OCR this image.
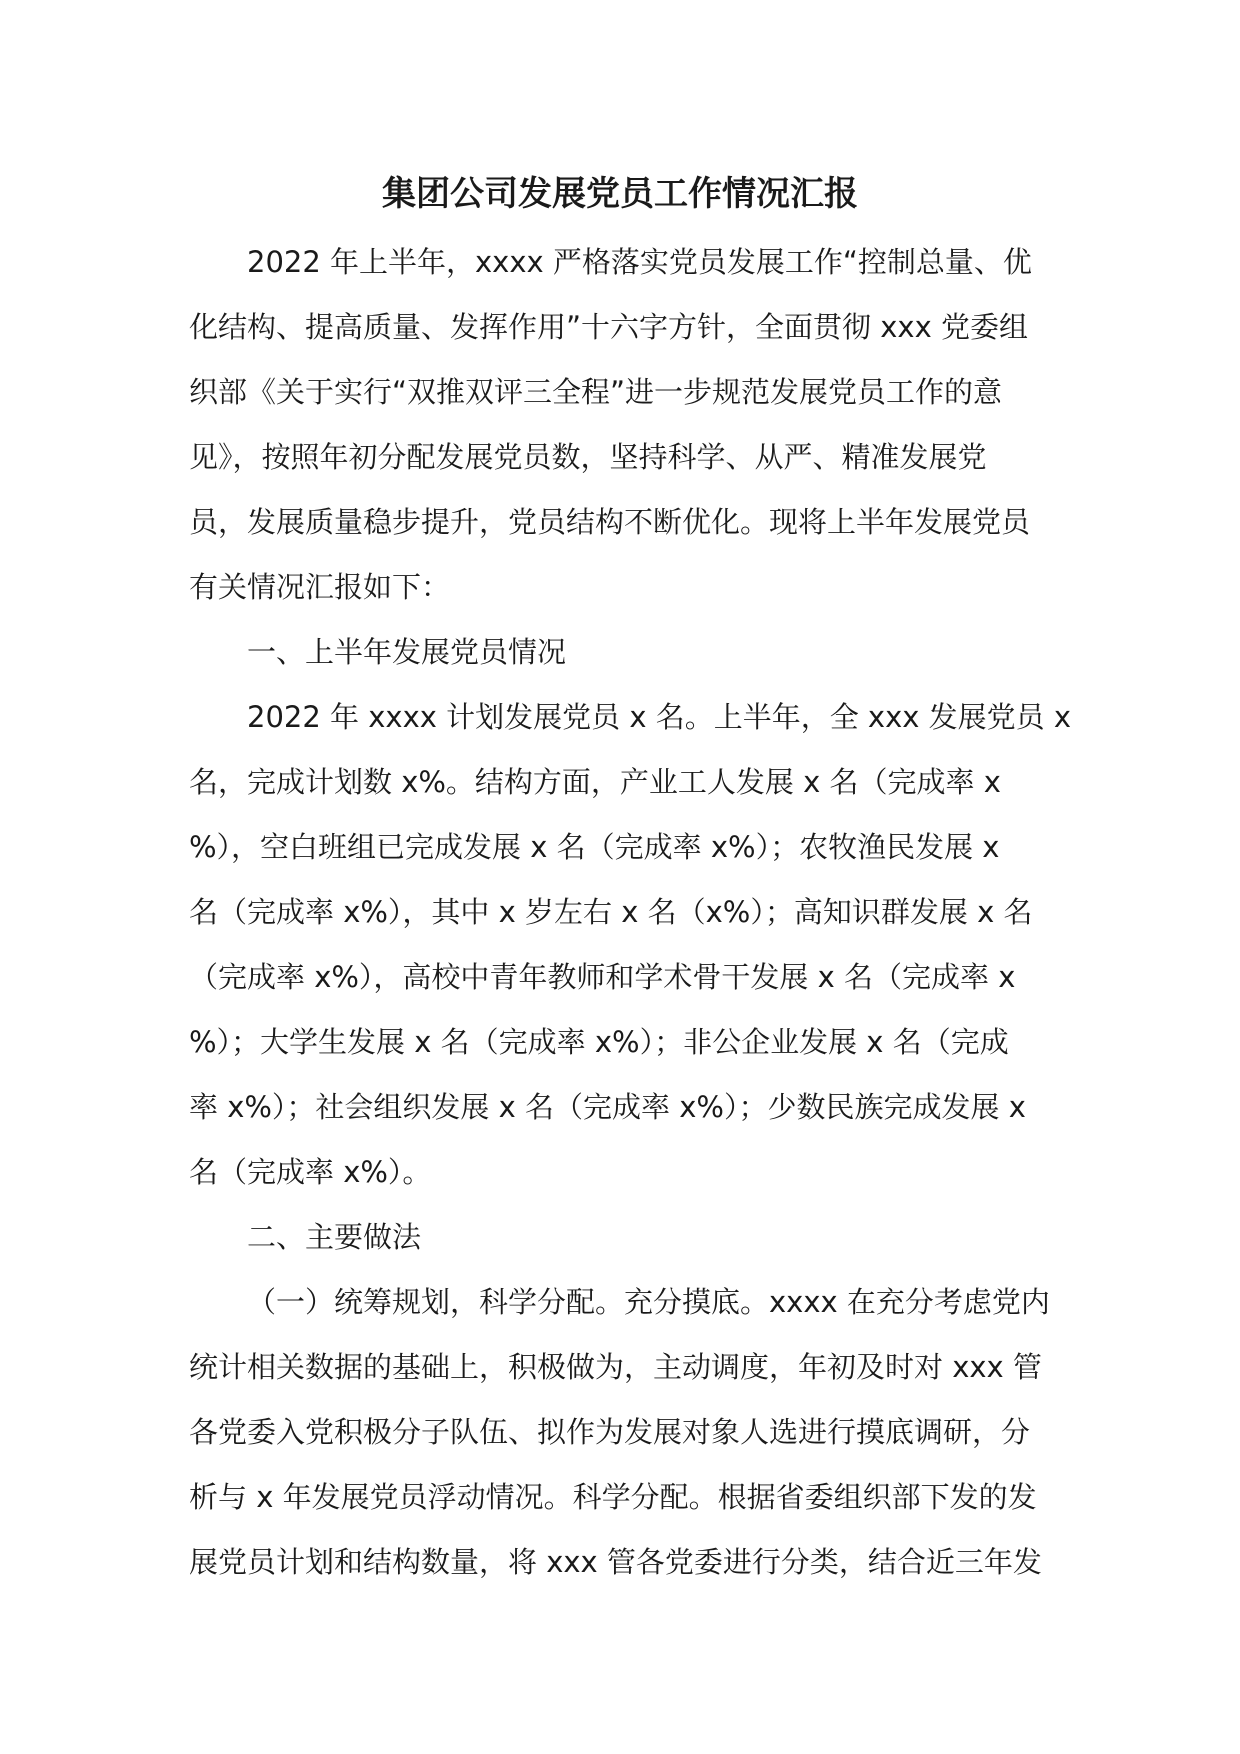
集团公司发展党员工作情况汇报
2022 年上半年，xxxx 严格落实党员发展工作“控制总量、优
化结构、提高质量、发挥作用”十六字方针，全面贯彻 xxx 党委组
织部《关于实行“双推双评三全程”进一步规范发展党员工作的意
见》，按照年初分配发展党员数，坚持科学、从严、精准发展党
员，发展质量稳步提升，党员结构不断优化。现将上半年发展党员
有关情况汇报如下：
一、上半年发展党员情况
2022 年 xxxx 计划发展党员 x 名。上半年，全 xxx 发展党员 x
名，完成计划数 x%。结构方面，产业工人发展 x 名（完成率 x
%），空白班组已完成发展 x 名（完成率 x%）；农牧渔民发展 x
名（完成率 x%），其中 x 岁左右 x 名（x%）；高知识群发展 x 名
（完成率 x%），高校中青年教师和学术骨干发展 x 名（完成率 x
%）；大学生发展 x 名（完成率 x%）；非公企业发展 x 名（完成
率 x%）；社会组织发展 x 名（完成率 x%）；少数民族完成发展 x
名（完成率 x%）。
二、主要做法
（一）统筹规划，科学分配。充分摸底。xxxx 在充分考虑党内
统计相关数据的基础上，积极做为，主动调度，年初及时对 xxx 管
各党委入党积极分子队伍、拟作为发展对象人选进行摸底调研，分
析与 x 年发展党员浮动情况。科学分配。根据省委组织部下发的发
展党员计划和结构数量，将 xxx 管各党委进行分类，结合近三年发
